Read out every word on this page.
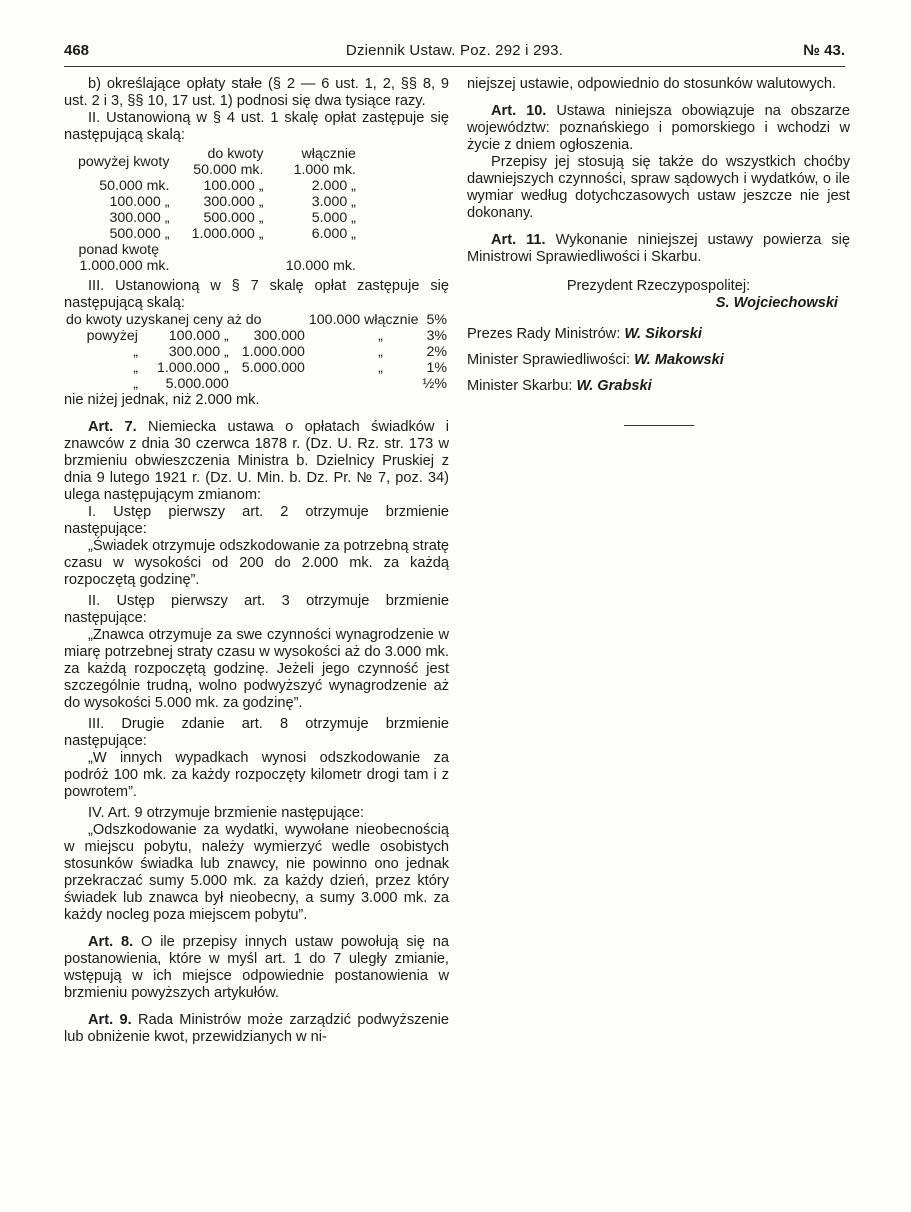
468	Dziennik Ustaw. Poz. 292 i 293.	№ 43.

b) określające opłaty stałe (§ 2 — 6 ust. 1, 2, §§ 8, 9 ust. 2 i 3, §§ 10, 17 ust. 1) podnosi się dwa tysiące razy.

II. Ustanowioną w § 4 ust. 1 skalę opłat zastępuje się następującą skalą:

powyżej kwoty	do kwoty	włącznie
	50.000 mk.	1.000 mk.
50.000 mk.	100.000 „	2.000 „
100.000 „	300.000 „	3.000 „
300.000 „	500.000 „	5.000 „
500.000 „	1.000.000 „	6.000 „
ponad kwotę		
1.000.000 mk.		10.000 mk.

III. Ustanowioną w § 7 skalę opłat zastępuje się następującą skalą:

do kwoty uzyskanej ceny aż do			100.000 włącznie		5%
powyżej	100.000 „	300.000	„		3%
„	300.000 „	1.000.000	„		2%
„	1.000.000 „	5.000.000	„		1%
„	5.000.000				½%

nie niżej jednak, niż 2.000 mk.

Art. 7. Niemiecka ustawa o opłatach świadków i znawców z dnia 30 czerwca 1878 r. (Dz. U. Rz. str. 173 w brzmieniu obwieszczenia Ministra b. Dzielnicy Pruskiej z dnia 9 lutego 1921 r. (Dz. U. Min. b. Dz. Pr. № 7, poz. 34) ulega następującym zmianom:

I. Ustęp pierwszy art. 2 otrzymuje brzmienie następujące:

„Świadek otrzymuje odszkodowanie za potrzebną stratę czasu w wysokości od 200 do 2.000 mk. za każdą rozpoczętą godzinę”.

II. Ustęp pierwszy art. 3 otrzymuje brzmienie następujące:

„Znawca otrzymuje za swe czynności wynagrodzenie w miarę potrzebnej straty czasu w wysokości aż do 3.000 mk. za każdą rozpoczętą godzinę. Jeżeli jego czynność jest szczególnie trudną, wolno podwyższyć wynagrodzenie aż do wysokości 5.000 mk. za godzinę”.

III. Drugie zdanie art. 8 otrzymuje brzmienie następujące:

„W innych wypadkach wynosi odszkodowanie za podróż 100 mk. za każdy rozpoczęty kilometr drogi tam i z powrotem”.

IV. Art. 9 otrzymuje brzmienie następujące:

„Odszkodowanie za wydatki, wywołane nieobecnością w miejscu pobytu, należy wymierzyć wedle osobistych stosunków świadka lub znawcy, nie powinno ono jednak przekraczać sumy 5.000 mk. za każdy dzień, przez który świadek lub znawca był nieobecny, a sumy 3.000 mk. za każdy nocleg poza miejscem pobytu”.

Art. 8. O ile przepisy innych ustaw powołują się na postanowienia, które w myśl art. 1 do 7 uległy zmianie, wstępują w ich miejsce odpowiednie postanowienia w brzmieniu powyższych artykułów.

Art. 9. Rada Ministrów może zarządzić podwyższenie lub obniżenie kwot, przewidzianych w ni-

niejszej ustawie, odpowiednio do stosunków walutowych.

Art. 10. Ustawa niniejsza obowiązuje na obszarze województw: poznańskiego i pomorskiego i wchodzi w życie z dniem ogłoszenia.

Przepisy jej stosują się także do wszystkich choćby dawniejszych czynności, spraw sądowych i wydatków, o ile wymiar według dotychczasowych ustaw jeszcze nie jest dokonany.

Art. 11. Wykonanie niniejszej ustawy powierza się Ministrowi Sprawiedliwości i Skarbu.

Prezydent Rzeczypospolitej:

S. Wojciechowski

Prezes Rady Ministrów: W. Sikorski

Minister Sprawiedliwości: W. Makowski

Minister Skarbu: W. Grabski
